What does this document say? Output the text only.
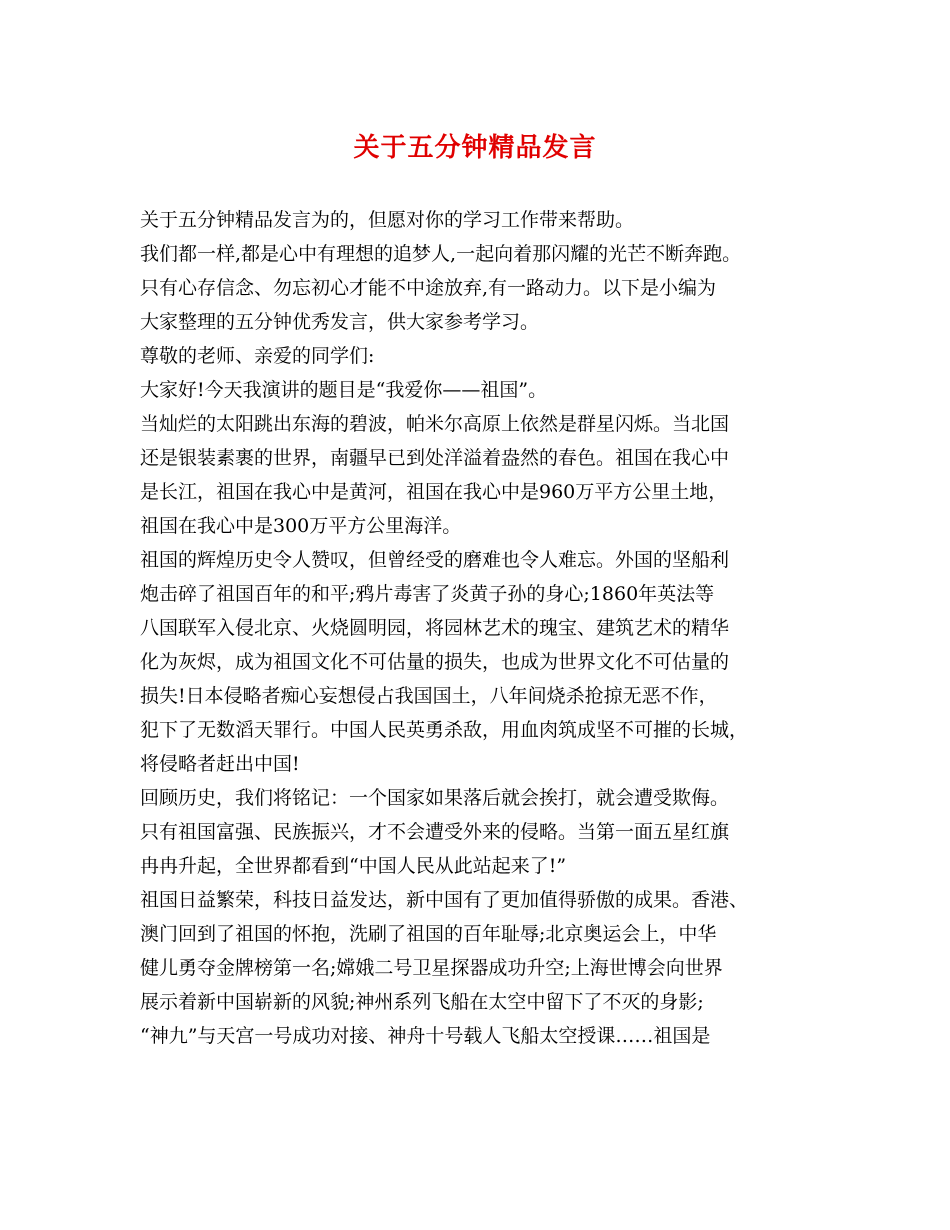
关于五分钟精品发言
关于五分钟精品发言为的，但愿对你的学习工作带来帮助。
我们都一样,都是心中有理想的追梦人,一起向着那闪耀的光芒不断奔跑。
只有心存信念、勿忘初心才能不中途放弃,有一路动力。以下是小编为
大家整理的五分钟优秀发言，供大家参考学习。
尊敬的老师、亲爱的同学们:
大家好!今天我演讲的题目是“我爱你——祖国”。
当灿烂的太阳跳出东海的碧波，帕米尔高原上依然是群星闪烁。当北国
还是银装素裹的世界，南疆早已到处洋溢着盎然的春色。祖国在我心中
是长江，祖国在我心中是黄河，祖国在我心中是960万平方公里土地，
祖国在我心中是300万平方公里海洋。
祖国的辉煌历史令人赞叹，但曾经受的磨难也令人难忘。外国的坚船利
炮击碎了祖国百年的和平;鸦片毒害了炎黄子孙的身心;1860年英法等
八国联军入侵北京、火烧圆明园，将园林艺术的瑰宝、建筑艺术的精华
化为灰烬，成为祖国文化不可估量的损失，也成为世界文化不可估量的
损失!日本侵略者痴心妄想侵占我国国土，八年间烧杀抢掠无恶不作，
犯下了无数滔天罪行。中国人民英勇杀敌，用血肉筑成坚不可摧的长城，
将侵略者赶出中国!
回顾历史，我们将铭记：一个国家如果落后就会挨打，就会遭受欺侮。
只有祖国富强、民族振兴，才不会遭受外来的侵略。当第一面五星红旗
冉冉升起，全世界都看到“中国人民从此站起来了!”
祖国日益繁荣，科技日益发达，新中国有了更加值得骄傲的成果。香港、
澳门回到了祖国的怀抱，洗刷了祖国的百年耻辱;北京奥运会上，中华
健儿勇夺金牌榜第一名;嫦娥二号卫星探器成功升空;上海世博会向世界
展示着新中国崭新的风貌;神州系列飞船在太空中留下了不灭的身影;
“神九”与天宫一号成功对接、神舟十号载人飞船太空授课……祖国是
